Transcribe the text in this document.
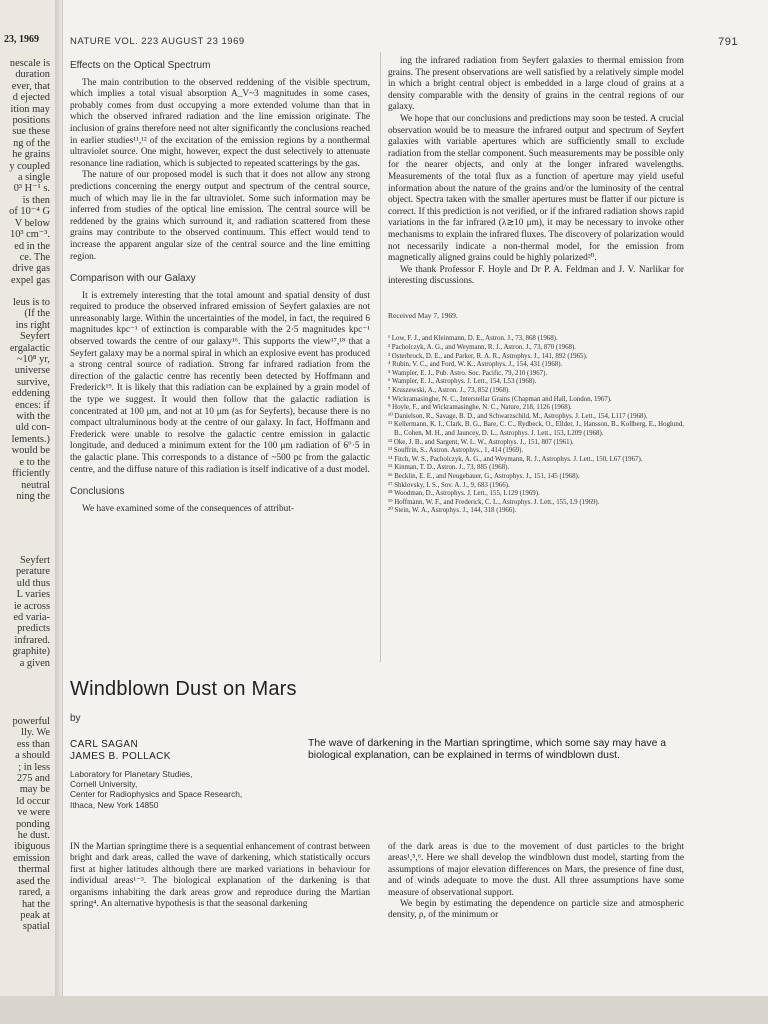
23, 1969
nescale is
duration
ever, that
d ejected
ition may
positions
sue these
ng of the
he grains
y coupled
a single
0³ H⁻¹ s.
is then
of 10⁻⁴ G
V below
10³ cm⁻³.
ed in the
ce. The
drive gas
expel gas
leus is to
(If the
ins right
Seyfert
ergalactic
~10⁸ yr,
universe
survive,
eddening
ences: if
with the
uld con-
lements.)
would be
e to the
fficiently
neutral
ning the
Seyfert
perature
uld thus
L varies
ie across
ed varia-
predicts
infrared.
graphite)
a given
powerful
lly. We
ess than
a should
; in less
275 and
may be
ld occur
ve were
ponding
he dust.
ibiguous
emission
thermal
ased the
rared, a
hat the
peak at
spatial
NATURE VOL. 223 AUGUST 23 1969	791
Effects on the Optical Spectrum

The main contribution to the observed reddening of the visible spectrum, which implies a total visual absorption A_V~3 magnitudes in some cases, probably comes from dust occupying a more extended volume than that in which the observed infrared radiation and the line emission originate. The inclusion of grains therefore need not alter significantly the conclusions reached in earlier studies¹¹,¹² of the excitation of the emission regions by a nonthermal ultraviolet source. One might, however, expect the dust selectively to attenuate resonance line radiation, which is subjected to repeated scatterings by the gas.

The nature of our proposed model is such that it does not allow any strong predictions concerning the energy output and spectrum of the central source, much of which may lie in the far ultraviolet. Some such information may be inferred from studies of the optical line emission. The central source will be reddened by the grains which surround it, and radiation scattered from these grains may contribute to the observed continuum. This effect would tend to increase the apparent angular size of the central source and the line emitting region.

Comparison with our Galaxy

It is extremely interesting that the total amount and spatial density of dust required to produce the observed infrared emission of Seyfert galaxies are not unreasonably large. Within the uncertainties of the model, in fact, the required 6 magnitudes kpc⁻¹ of extinction is comparable with the 2·5 magnitudes kpc⁻¹ observed towards the centre of our galaxy¹⁶. This supports the view¹⁷,¹⁸ that a Seyfert galaxy may be a normal spiral in which an explosive event has produced a strong central source of radiation. Strong far infrared radiation from the direction of the galactic centre has recently been detected by Hoffmann and Frederick¹⁹. It is likely that this radiation can be explained by a grain model of the type we suggest. It would then follow that the galactic radiation is concentrated at 100 μm, and not at 10 μm (as for Seyferts), because there is no compact ultraluminous body at the centre of our galaxy. In fact, Hoffmann and Frederick were unable to resolve the galactic centre emission in galactic longitude, and deduced a minimum extent for the 100 μm radiation of 6°·5 in the galactic plane. This corresponds to a distance of ~500 pc from the galactic centre, and the diffuse nature of this radiation is itself indicative of a dust model.

Conclusions

We have examined some of the consequences of attribut-

ing the infrared radiation from Seyfert galaxies to thermal emission from grains. The present observations are well satisfied by a relatively simple model in which a bright central object is embedded in a large cloud of grains at a density comparable with the density of grains in the central regions of our galaxy.

We hope that our conclusions and predictions may soon be tested. A crucial observation would be to measure the infrared output and spectrum of Seyfert galaxies with variable apertures which are sufficiently small to exclude radiation from the stellar component. Such measurements may be possible only for the nearer objects, and only at the longer infrared wavelengths. Measurements of the total flux as a function of aperture may yield useful information about the nature of the grains and/or the luminosity of the central object. Spectra taken with the smaller apertures must be flatter if our picture is correct. If this prediction is not verified, or if the infrared radiation shows rapid variations in the far infrared (λ≳10 μm), it may be necessary to invoke other mechanisms to explain the infrared fluxes. The discovery of polarization would not necessarily indicate a non-thermal model, for the emission from magnetically aligned grains could be highly polarized²⁰.

We thank Professor F. Hoyle and Dr P. A. Feldman and J. V. Narlikar for interesting discussions.

Received May 7, 1969.
¹ Low, F. J., and Kleinmann, D. E., Astron. J., 73, 868 (1968).
² Pacholczyk, A. G., and Weymann, R. J., Astron. J., 73, 870 (1968).
³ Osterbrock, D. E., and Parker, R. A. R., Astrophys. J., 141, 892 (1965).
⁴ Rubin, V. C., and Ford, W. K., Astrophys. J., 154, 431 (1968).
⁵ Wampler, E. J., Pub. Astro. Soc. Pacific, 79, 210 (1967).
⁶ Wampler, E. J., Astrophys. J. Lett., 154, L53 (1968).
⁷ Kruszewski, A., Astron. J., 73, 852 (1968).
⁸ Wickramasinghe, N. C., Interstellar Grains (Chapman and Hall, London, 1967).
⁹ Hoyle, F., and Wickramasinghe, N. C., Nature, 218, 1126 (1968).
¹⁰ Danielson, R., Savage, B. D., and Schwarzschild, M., Astrophys. J. Lett., 154, L117 (1968).
¹¹ Kellermann, K. I., Clark, B. G., Bare, C. C., Rydbeck, O., Ellder, J., Hansson, B., Kollberg, E., Hoglund, B., Cohen, M. H., and Jauncey, D. L., Astrophys. J. Lett., 153, L209 (1968).
¹² Oke, J. B., and Sargent, W. L. W., Astrophys. J., 151, 807 (1961).
¹³ Souffrin, S., Astron. Astrophys., 1, 414 (1969).
¹⁴ Fitch, W. S., Pacholczyk, A. G., and Weymann, R. J., Astrophys. J. Lett., 150, L67 (1967).
¹⁵ Kinman, T. D., Astron. J., 73, 885 (1968).
¹⁶ Becklin, E. E., and Neugebauer, G., Astrophys. J., 151, 145 (1968).
¹⁷ Shklovsky, I. S., Sov. A. J., 9, 683 (1966).
¹⁸ Woodman, D., Astrophys. J. Lett., 155, L129 (1969).
¹⁹ Hoffmann, W. F., and Frederick, C. L., Astrophys. J. Lett., 155, L9 (1969).
²⁰ Stein, W. A., Astrophys. J., 144, 318 (1966).
Windblown Dust on Mars
by
CARL SAGAN
JAMES B. POLLACK
Laboratory for Planetary Studies,
Cornell University,
Center for Radiophysics and Space Research,
Ithaca, New York 14850
The wave of darkening in the Martian springtime, which some say may have a biological explanation, can be explained in terms of windblown dust.

IN the Martian springtime there is a sequential enhancement of contrast between bright and dark areas, called the wave of darkening, which statistically occurs first at higher latitudes although there are marked variations in behaviour for individual areas¹⁻³. The biological explanation of the darkening is that organisms inhabiting the dark areas grow and reproduce during the Martian spring⁴. An alternative hypothesis is that the seasonal darkening

of the dark areas is due to the movement of dust particles to the bright areas¹,⁵,⁶. Here we shall develop the windblown dust model, starting from the assumptions of major elevation differences on Mars, the presence of fine dust, and of winds adequate to move the dust. All three assumptions have some measure of observational support.

We begin by estimating the dependence on particle size and atmospheric density, ρ, of the minimum or
